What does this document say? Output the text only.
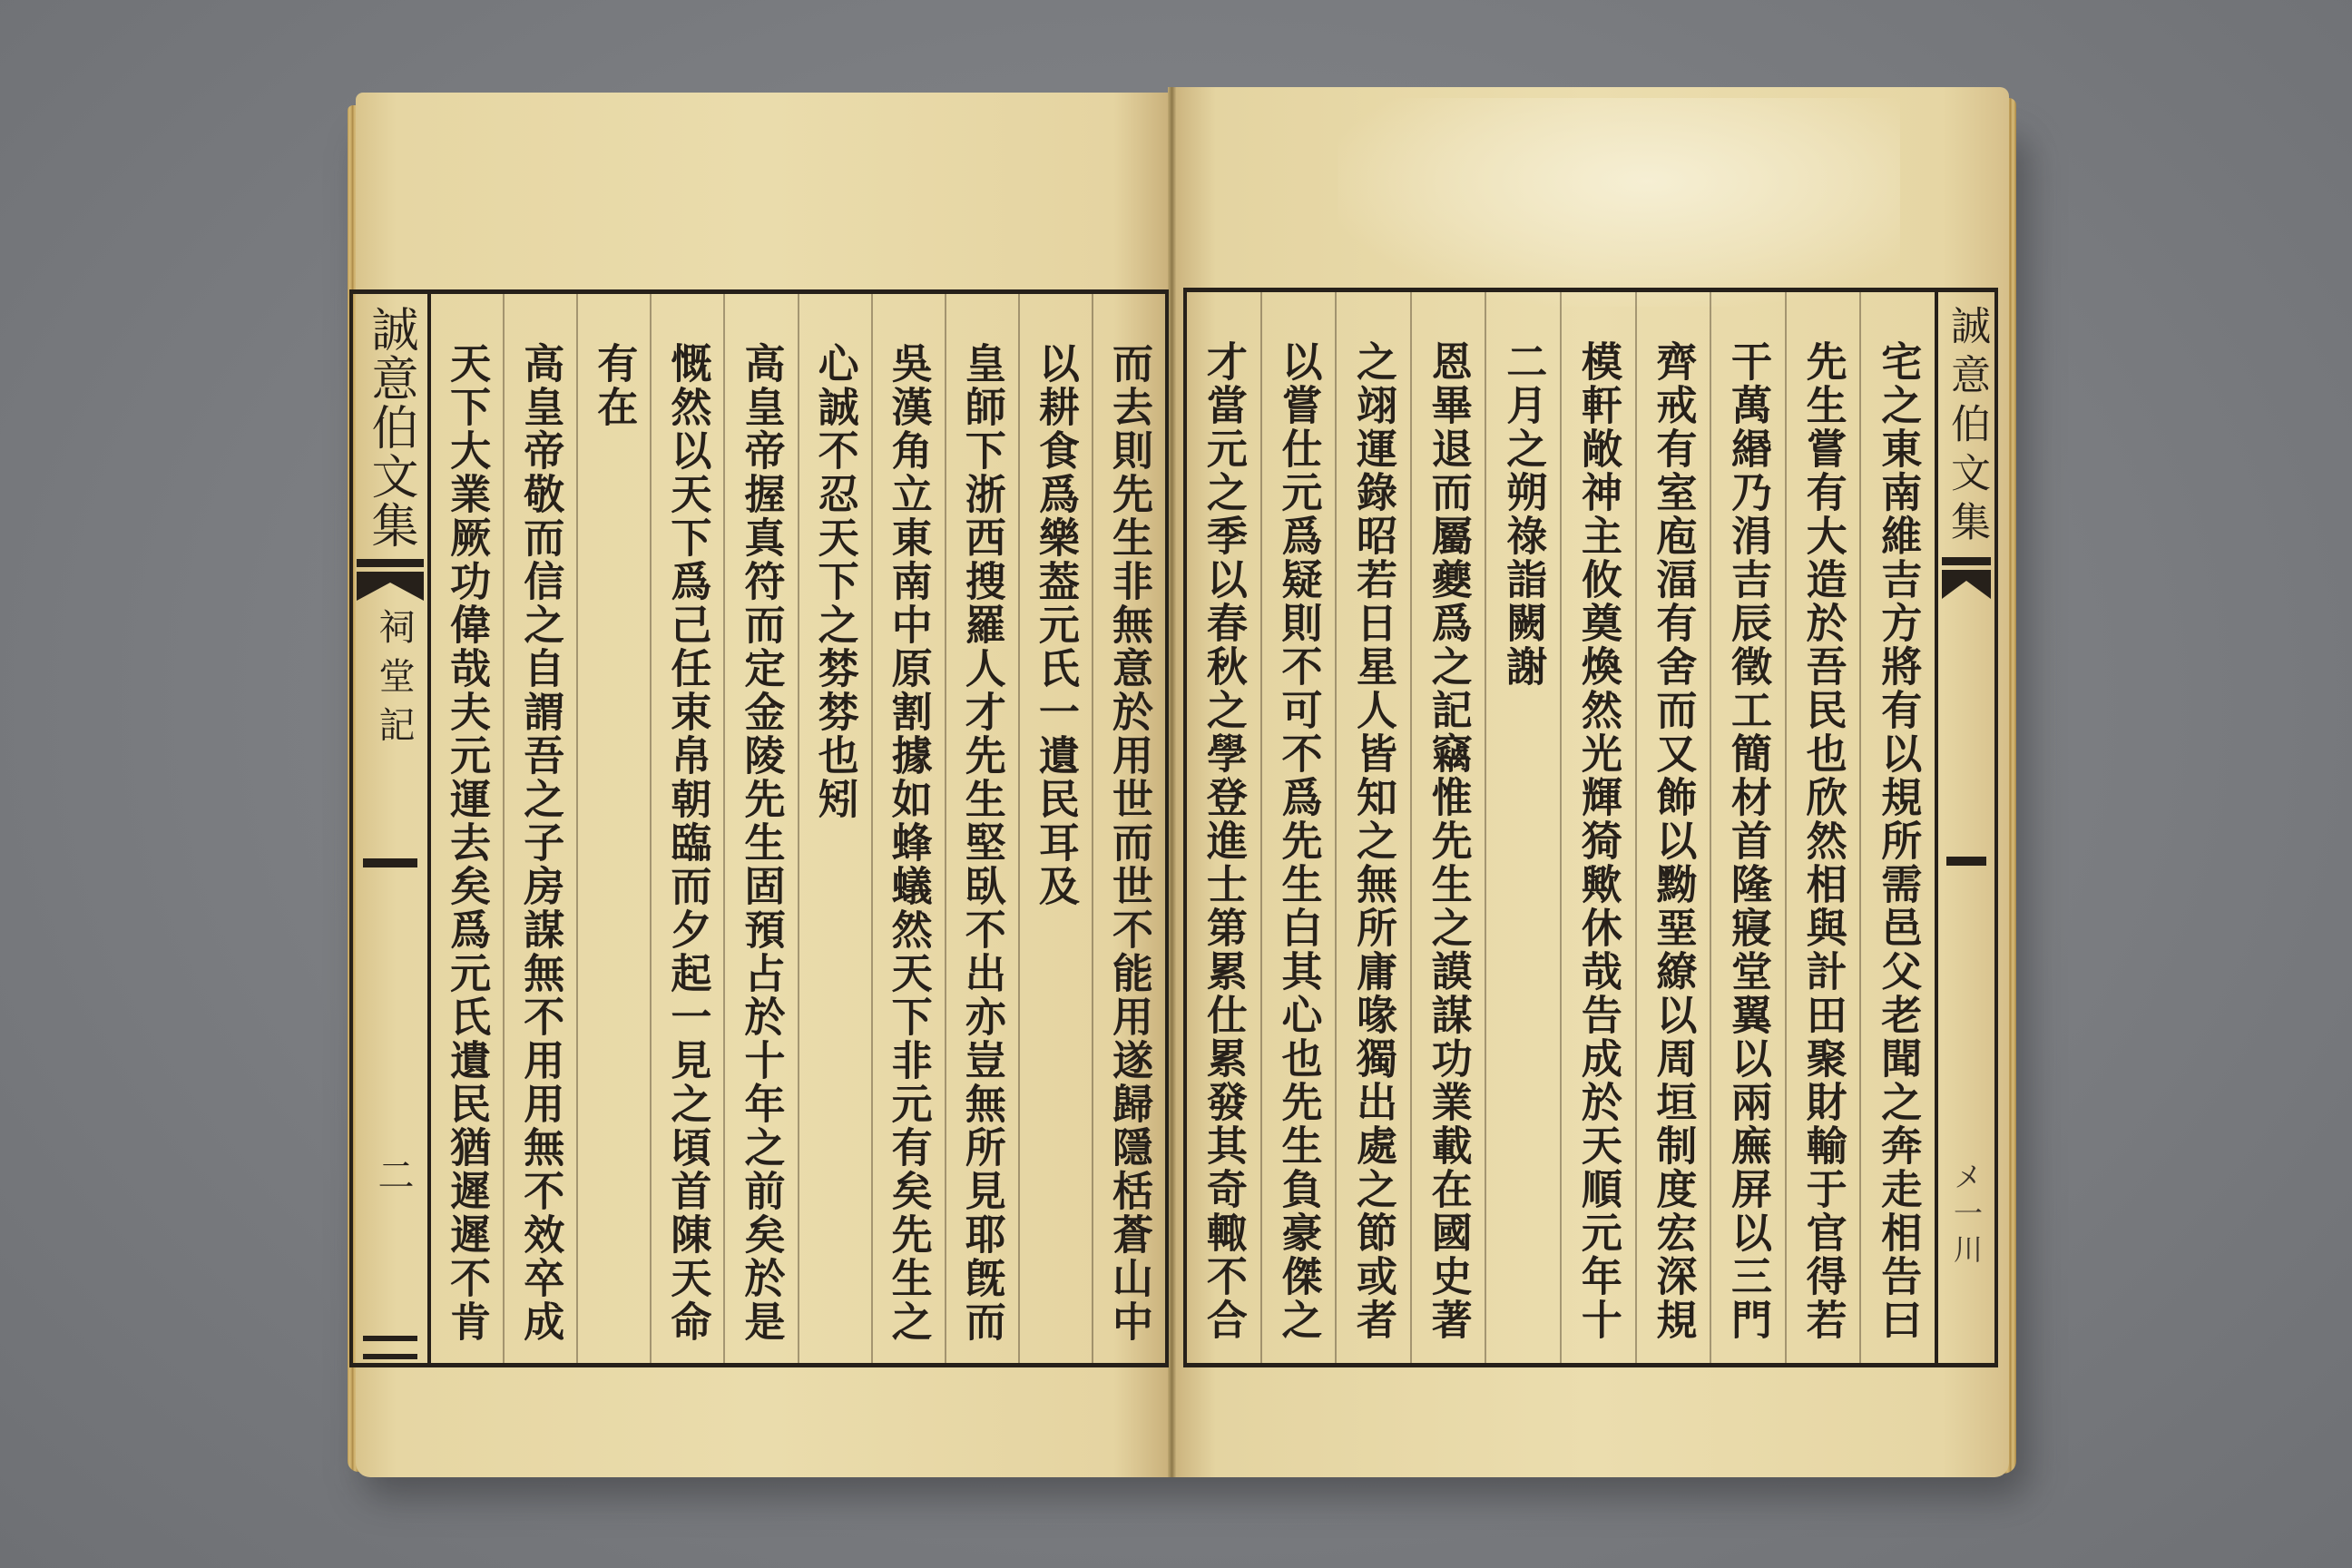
誠意伯文集
祠堂記
二	而去則先生非無意於用世而世不能用遂歸隱栝蒼山中
以耕食爲樂葢元氏一遺民耳及
皇師下浙西搜羅人才先生堅臥不出亦豈無所見耶旣而
吳漢角立東南中原割據如蜂蟻然天下非元有矣先生之
心誠不忍天下之棼棼也矧
高皇帝握真符而定金陵先生固預占於十年之前矣於是
慨然以天下爲己任束帛朝臨而夕起一見之頃首陳天命
有在
高皇帝敬而信之自謂吾之子房謀無不用用無不效卒成
天下大業厥功偉哉夫元運去矣爲元氏遺民猶遲遲不肯	宅之東南維吉方將有以規所需邑父老聞之奔走相告曰
先生嘗有大造於吾民也欣然相與計田聚財輸于官得若
干萬緡乃涓吉辰徵工簡材首隆寢堂翼以兩廡屏以三門
齊戒有室庖湢有舍而又飾以黝堊繚以周垣制度宏深規
模軒敞神主攸奠煥然光輝猗歟休哉告成於天順元年十
二月之朔祿詣闕謝
恩畢退而屬夔爲之記竊惟先生之謨謀功業載在國史著
之翊運錄昭若日星人皆知之無所庸喙獨出處之節或者
以嘗仕元爲疑則不可不爲先生白其心也先生負豪傑之
才當元之季以春秋之學登進士第累仕累發其奇輙不合	誠意伯文集
メ一川
